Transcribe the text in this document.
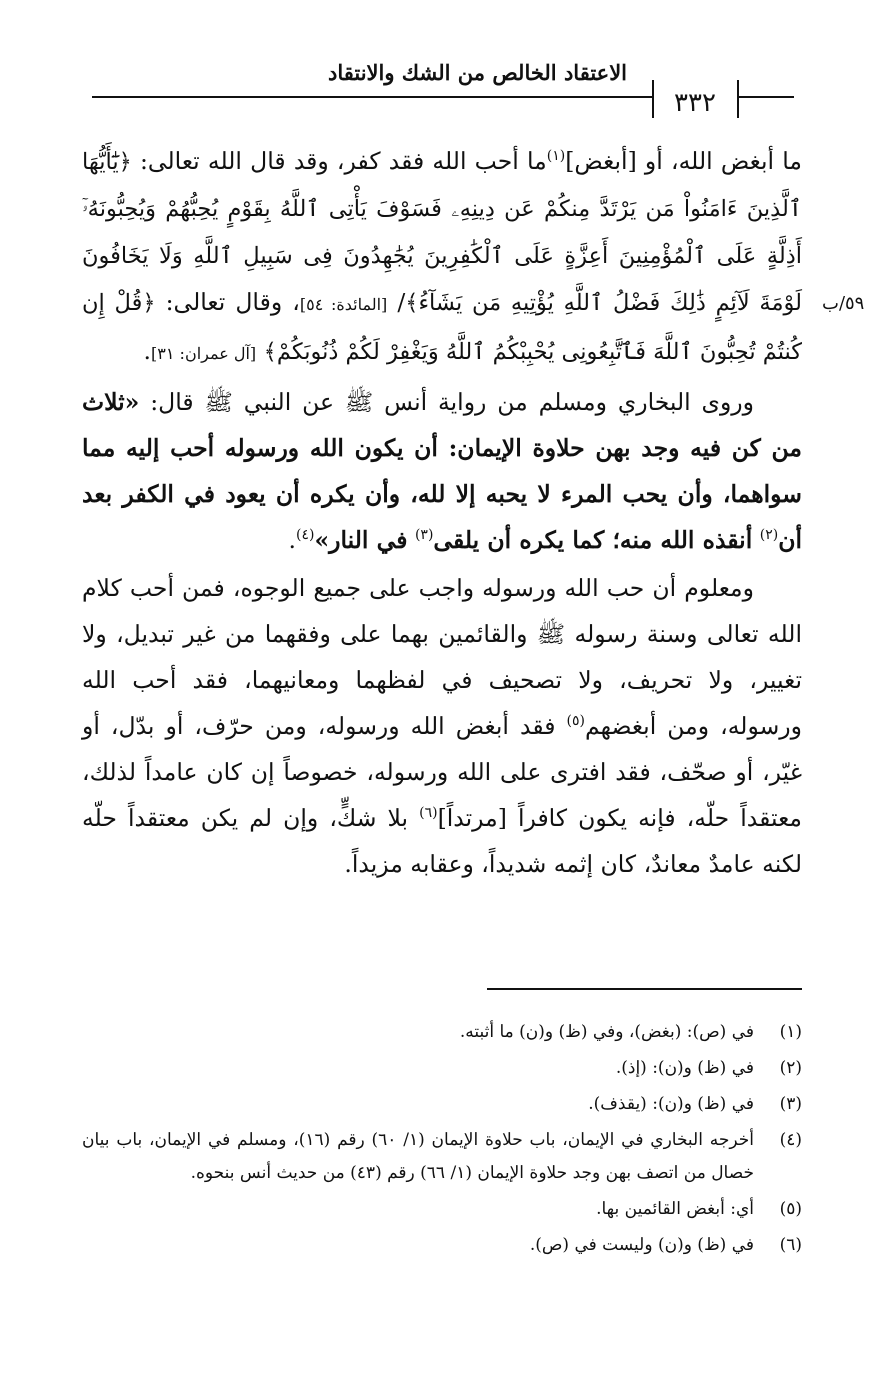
الاعتقاد الخالص من الشك والانتقاد
٣٣٢
٥٩/ب

ما أبغض الله، أو [أبغض]$^{(١)}$ما أحب الله فقد كفر، وقد قال الله تعالى: ﴿يَٰٓأَيُّهَا ٱلَّذِينَ ءَامَنُواْ مَن يَرْتَدَّ مِنكُمْ عَن دِينِهِۦ فَسَوْفَ يَأْتِى ٱللَّهُ بِقَوْمٍ يُحِبُّهُمْ وَيُحِبُّونَهُۥٓ أَذِلَّةٍ عَلَى ٱلْمُؤْمِنِينَ أَعِزَّةٍ عَلَى ٱلْكَٰفِرِينَ يُجَٰهِدُونَ فِى سَبِيلِ ٱللَّهِ وَلَا يَخَافُونَ لَوْمَةَ لَآئِمٍ ذَٰلِكَ فَضْلُ ٱللَّهِ يُؤْتِيهِ مَن يَشَآءُ﴾/ [المائدة: ٥٤]، وقال تعالى: ﴿قُلْ إِن كُنتُمْ تُحِبُّونَ ٱللَّهَ فَٱتَّبِعُونِى يُحْبِبْكُمُ ٱللَّهُ وَيَغْفِرْ لَكُمْ ذُنُوبَكُمْ﴾ [آل عمران: ٣١].

وروى البخاري ومسلم من رواية أنس ﷺ عن النبي ﷺ قال: «ثلاث من كن فيه وجد بهن حلاوة الإيمان: أن يكون الله ورسوله أحب إليه مما سواهما، وأن يحب المرء لا يحبه إلا لله، وأن يكره أن يعود في الكفر بعد أن$^{(٢)}$ أنقذه الله منه؛ كما يكره أن يلقى$^{(٣)}$ في النار»$^{(٤)}$.

ومعلوم أن حب الله ورسوله واجب على جميع الوجوه، فمن أحب كلام الله تعالى وسنة رسوله ﷺ والقائمين بهما على وفقهما من غير تبديل، ولا تغيير، ولا تحريف، ولا تصحيف في لفظهما ومعانيهما، فقد أحب الله ورسوله، ومن أبغضهم$^{(٥)}$ فقد أبغض الله ورسوله، ومن حرّف، أو بدّل، أو غيّر، أو صحّف، فقد افترى على الله ورسوله، خصوصاً إن كان عامداً لذلك، معتقداً حلّه، فإنه يكون كافراً [مرتداً]$^{(٦)}$ بلا شكٍّ، وإن لم يكن معتقداً حلّه لكنه عامدٌ معاندٌ، كان إثمه شديداً، وعقابه مزيداً.

(١)
في (ص): (بغض)، وفي (ظ) و(ن) ما أثبته.
(٢)
في (ظ) و(ن): (إذ).
(٣)
في (ظ) و(ن): (يقذف).
(٤)
أخرجه البخاري في الإيمان، باب حلاوة الإيمان (١/ ٦٠) رقم (١٦)، ومسلم في الإيمان، باب بيان خصال من اتصف بهن وجد حلاوة الإيمان (١/ ٦٦) رقم (٤٣) من حديث أنس بنحوه.
(٥)
أي: أبغض القائمين بها.
(٦)
في (ظ) و(ن) وليست في (ص).
